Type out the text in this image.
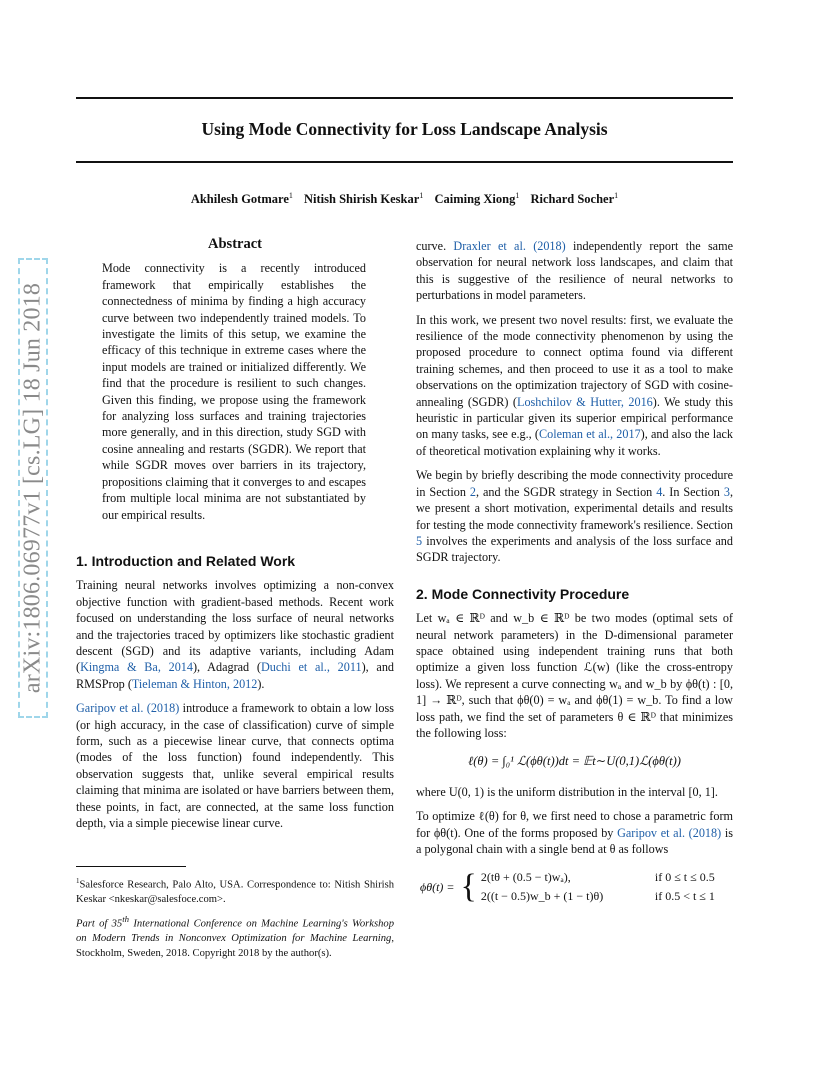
Using Mode Connectivity for Loss Landscape Analysis
Akhilesh Gotmare$^1$ Nitish Shirish Keskar$^1$ Caiming Xiong$^1$ Richard Socher$^1$
arXiv:1806.06977v1 [cs.LG] 18 Jun 2018
Abstract

Mode connectivity is a recently introduced framework that empirically establishes the connectedness of minima by finding a high accuracy curve between two independently trained models. To investigate the limits of this setup, we examine the efficacy of this technique in extreme cases where the input models are trained or initialized differently. We find that the procedure is resilient to such changes. Given this finding, we propose using the framework for analyzing loss surfaces and training trajectories more generally, and in this direction, study SGD with cosine annealing and restarts (SGDR). We report that while SGDR moves over barriers in its trajectory, propositions claiming that it converges to and escapes from multiple local minima are not substantiated by our empirical results.

1. Introduction and Related Work

Training neural networks involves optimizing a non-convex objective function with gradient-based methods. Recent work focused on understanding the loss surface of neural networks and the trajectories traced by optimizers like stochastic gradient descent (SGD) and its adaptive variants, including Adam (Kingma & Ba, 2014), Adagrad (Duchi et al., 2011), and RMSProp (Tieleman & Hinton, 2012).

Garipov et al. (2018) introduce a framework to obtain a low loss (or high accuracy, in the case of classification) curve of simple form, such as a piecewise linear curve, that connects optima (modes of the loss function) found independently. This observation suggests that, unlike several empirical results claiming that minima are isolated or have barriers between them, these points, in fact, are connected, at the same loss function depth, via a simple piecewise linear curve.

$^1$Salesforce Research, Palo Alto, USA. Correspondence to: Nitish Shirish Keskar <nkeskar@salesfoce.com>.
Part of 35th International Conference on Machine Learning's Workshop on Modern Trends in Nonconvex Optimization for Machine Learning, Stockholm, Sweden, 2018. Copyright 2018 by the author(s).

curve. Draxler et al. (2018) independently report the same observation for neural network loss landscapes, and claim that this is suggestive of the resilience of neural networks to perturbations in model parameters.

In this work, we present two novel results: first, we evaluate the resilience of the mode connectivity phenomenon by using the proposed procedure to connect optima found via different training schemes, and then proceed to use it as a tool to make observations on the optimization trajectory of SGD with cosine-annealing (SGDR) (Loshchilov & Hutter, 2016). We study this heuristic in particular given its superior empirical performance on many tasks, see e.g., (Coleman et al., 2017), and also the lack of theoretical motivation explaining why it works.

We begin by briefly describing the mode connectivity procedure in Section 2, and the SGDR strategy in Section 4. In Section 3, we present a short motivation, experimental details and results for testing the mode connectivity framework's resilience. Section 5 involves the experiments and analysis of the loss surface and SGDR trajectory.

2. Mode Connectivity Procedure

Let wₐ ∈ ℝᴰ and w_b ∈ ℝᴰ be two modes (optimal sets of neural network parameters) in the D-dimensional parameter space obtained using independent training runs that both optimize a given loss function ℒ(w) (like the cross-entropy loss). We represent a curve connecting wₐ and w_b by ϕθ(t) : [0, 1] → ℝᴰ, such that ϕθ(0) = wₐ and ϕθ(1) = w_b. To find a low loss path, we find the set of parameters θ ∈ ℝᴰ that minimizes the following loss:

ℓ(θ) = ∫₀¹ ℒ(ϕθ(t))dt = 𝔼t∼U(0,1)ℒ(ϕθ(t))

where U(0, 1) is the uniform distribution in the interval [0, 1].

To optimize ℓ(θ) for θ, we first need to chose a parametric form for ϕθ(t). One of the forms proposed by Garipov et al. (2018) is a polygonal chain with a single bend at θ as follows

ϕθ(t) = { 2(tθ + (0.5 − t)wₐ),	if 0 ≤ t ≤ 0.5
2((t − 0.5)w_b + (1 − t)θ)	if 0.5 < t ≤ 1
